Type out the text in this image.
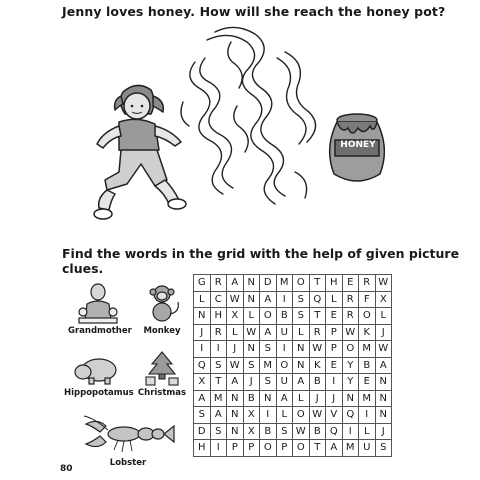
Jenny loves honey. How will she reach the honey pot?
HONEY
Find the words in the grid with the help of given picture clues.
Grandmother	Monkey
Hippopotamus Christmas
Lobster
G	R	A	N	D	M	O	T	H	E	R	W
L	C	W	N	A	I	S	Q	L	R	F	X
N	H	X	L	O	B	S	T	E	R	O	L
J	R	L	W	A	U	L	R	P	W	K	J
I	I	J	N	S	I	N	W	P	O	M	W
Q	S	W	S	M	O	N	K	E	Y	B	A
X	T	A	J	S	U	A	B	I	Y	E	N
A	M	N	B	N	A	L	J	J	N	M	N
S	A	N	X	I	L	O	W	V	Q	I	N
D	S	N	X	B	S	W	B	Q	I	L	J
H	I	P	P	O	P	O	T	A	M	U	S
80
